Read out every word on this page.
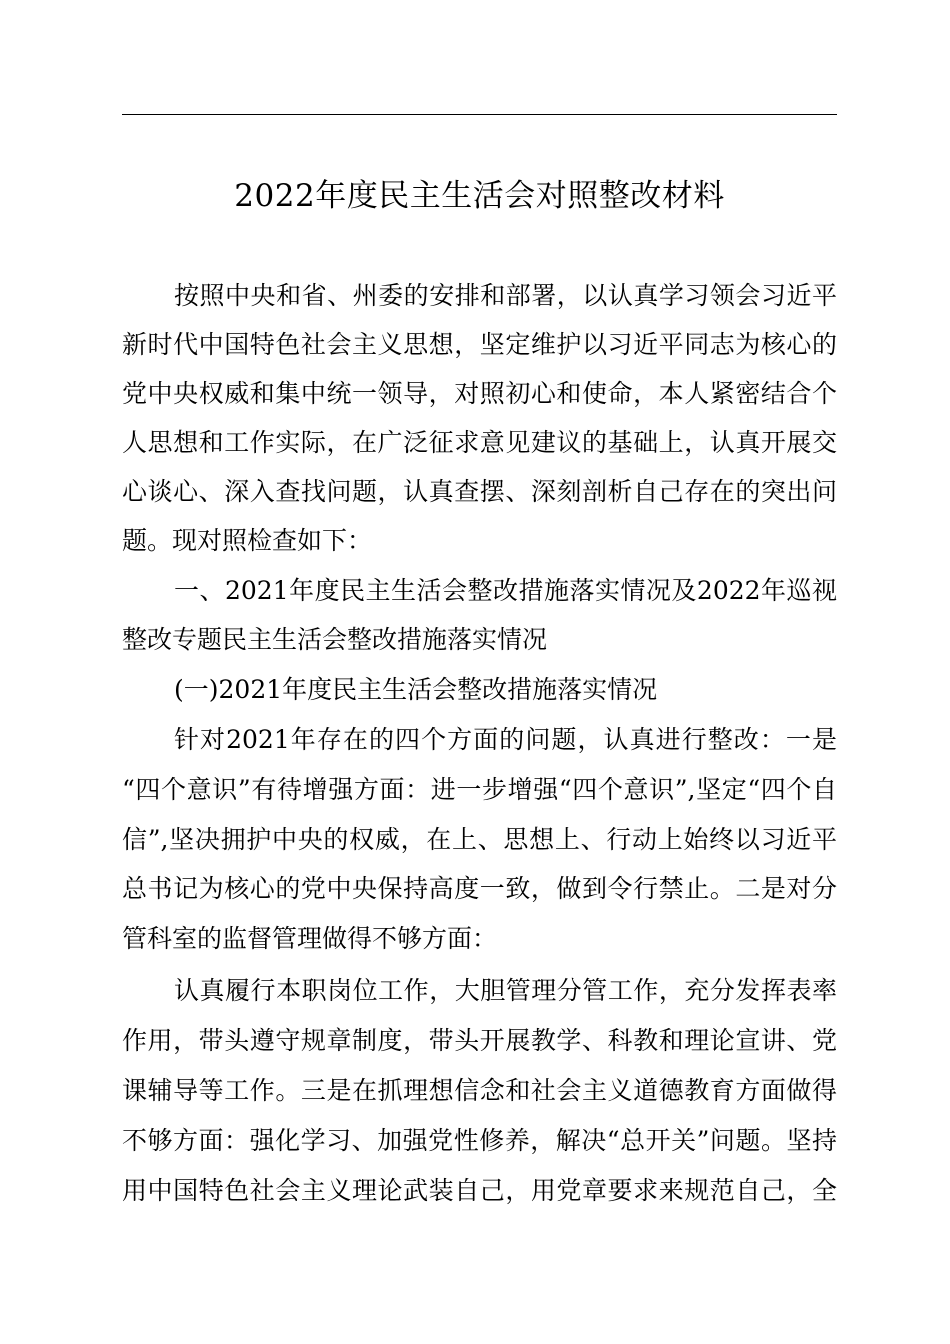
2022年度民主生活会对照整改材料
按照中央和省、州委的安排和部署，以认真学习领会习近平
新时代中国特色社会主义思想，坚定维护以习近平同志为核心的
党中央权威和集中统一领导，对照初心和使命，本人紧密结合个
人思想和工作实际，在广泛征求意见建议的基础上，认真开展交
心谈心、深入查找问题，认真查摆、深刻剖析自己存在的突出问
题。现对照检查如下：
一、2021年度民主生活会整改措施落实情况及2022年巡视
整改专题民主生活会整改措施落实情况
(一)2021年度民主生活会整改措施落实情况
针对2021年存在的四个方面的问题，认真进行整改：一是
“四个意识”有待增强方面：进一步增强“四个意识”,坚定“四个自
信”,坚决拥护中央的权威，在上、思想上、行动上始终以习近平
总书记为核心的党中央保持高度一致，做到令行禁止。二是对分
管科室的监督管理做得不够方面：
认真履行本职岗位工作，大胆管理分管工作，充分发挥表率
作用，带头遵守规章制度，带头开展教学、科教和理论宣讲、党
课辅导等工作。三是在抓理想信念和社会主义道德教育方面做得
不够方面：强化学习、加强党性修养，解决“总开关”问题。坚持
用中国特色社会主义理论武装自己，用党章要求来规范自己，全
